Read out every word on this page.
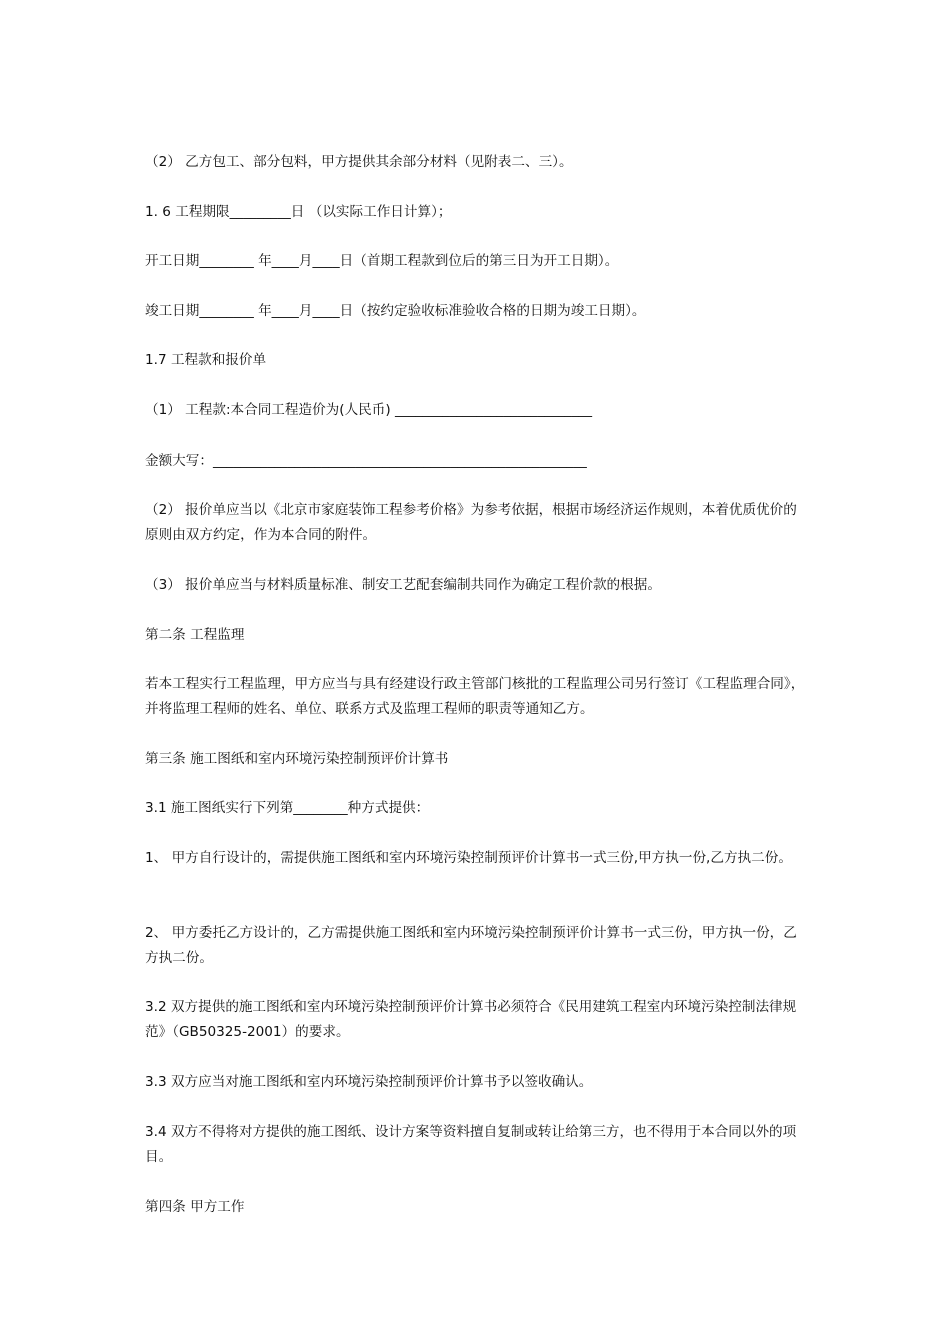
（2） 乙方包工、部分包料，甲方提供其余部分材料（见附表二、三）。

1. 6 工程期限_________日 （以实际工作日计算）；

开工日期________ 年____月____日（首期工程款到位后的第三日为开工日期）。

竣工日期________ 年____月____日（按约定验收标准验收合格的日期为竣工日期）。

1.7 工程款和报价单

（1） 工程款:本合同工程造价为(人民币) _____________________________

金额大写：_______________________________________________________

（2） 报价单应当以《北京市家庭装饰工程参考价格》为参考依据，根据市场经济运作规则，本着优质优价的原则由双方约定，作为本合同的附件。

（3） 报价单应当与材料质量标准、制安工艺配套编制共同作为确定工程价款的根据。

第二条 工程监理

若本工程实行工程监理，甲方应当与具有经建设行政主管部门核批的工程监理公司另行签订《工程监理合同》，并将监理工程师的姓名、单位、联系方式及监理工程师的职责等通知乙方。

第三条 施工图纸和室内环境污染控制预评价计算书

3.1 施工图纸实行下列第________种方式提供：

1、 甲方自行设计的，需提供施工图纸和室内环境污染控制预评价计算书一式三份,甲方执一份,乙方执二份。

2、 甲方委托乙方设计的，乙方需提供施工图纸和室内环境污染控制预评价计算书一式三份，甲方执一份，乙方执二份。

3.2 双方提供的施工图纸和室内环境污染控制预评价计算书必须符合《民用建筑工程室内环境污染控制法律规范》（GB50325-2001）的要求。

3.3 双方应当对施工图纸和室内环境污染控制预评价计算书予以签收确认。

3.4 双方不得将对方提供的施工图纸、设计方案等资料擅自复制或转让给第三方，也不得用于本合同以外的项目。

第四条 甲方工作
